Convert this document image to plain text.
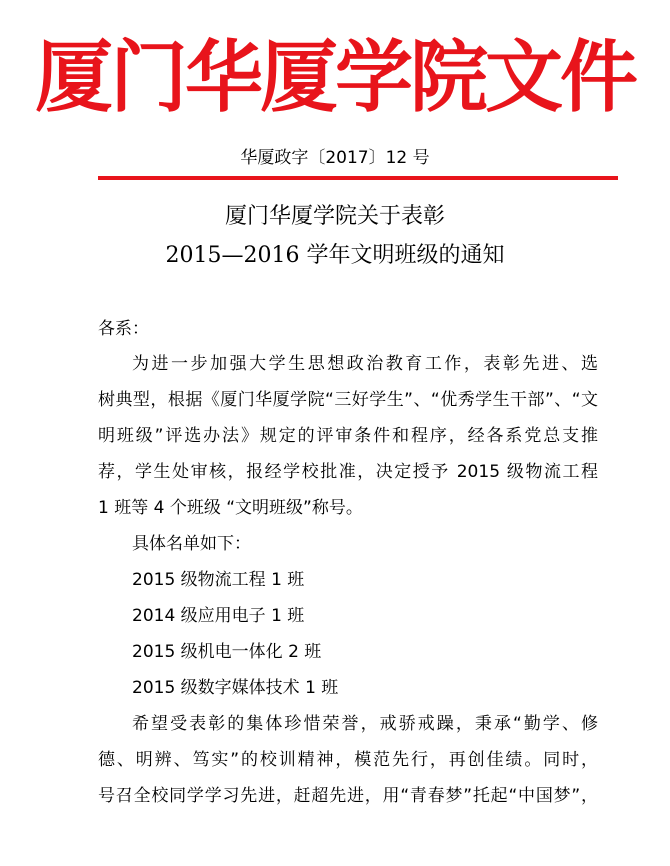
厦门华厦学院文件
华厦政字〔2017〕12 号
厦门华厦学院关于表彰
2015—2016 学年文明班级的通知
各系：
为进一步加强大学生思想政治教育工作，表彰先进、选
树典型，根据《厦门华厦学院“三好学生”、“优秀学生干部”、“文
明班级”评选办法》规定的评审条件和程序，经各系党总支推
荐，学生处审核，报经学校批准，决定授予 2015 级物流工程
1 班等 4 个班级 “文明班级”称号。
具体名单如下：
2015 级物流工程 1 班
2014 级应用电子 1 班
2015 级机电一体化 2 班
2015 级数字媒体技术 1 班
希望受表彰的集体珍惜荣誉，戒骄戒躁，秉承“勤学、修
德、明辨、笃实”的校训精神，模范先行，再创佳绩。同时，
号召全校同学学习先进，赶超先进，用“青春梦”托起“中国梦”，
